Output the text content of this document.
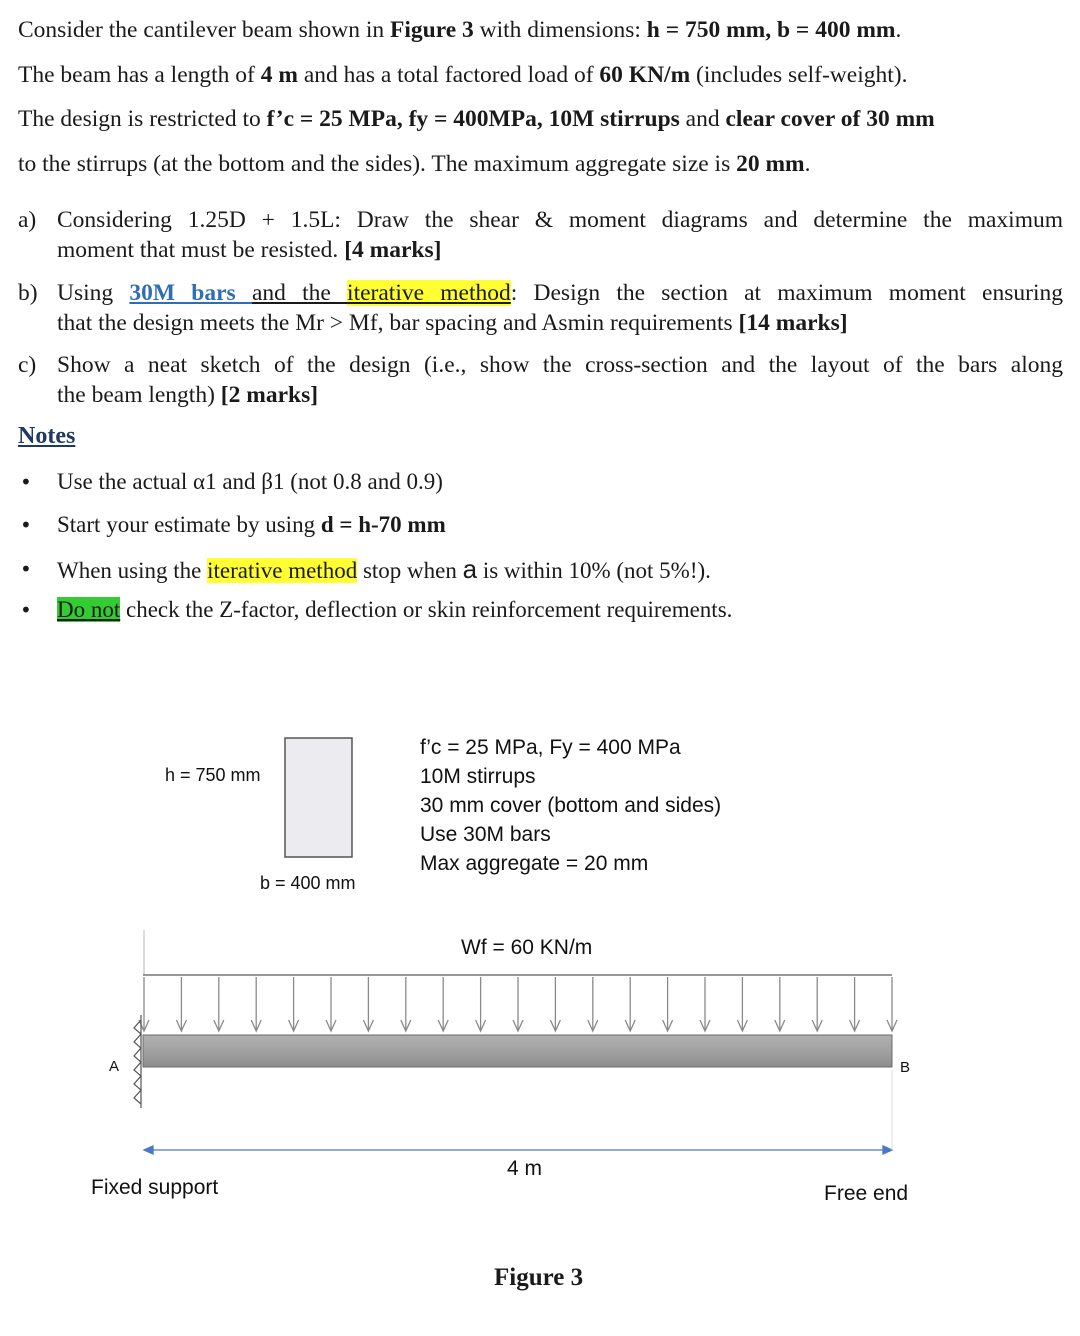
Consider the cantilever beam shown in Figure 3 with dimensions: h = 750 mm, b = 400 mm.
The beam has a length of 4 m and has a total factored load of 60 KN/m (includes self-weight).
The design is restricted to f’c = 25 MPa, fy = 400MPa, 10M stirrups and clear cover of 30 mm
to the stirrups (at the bottom and the sides). The maximum aggregate size is 20 mm.
a) Considering 1.25D + 1.5L: Draw the shear & moment diagrams and determine the maximum
moment that must be resisted. [4 marks]
b) Using 30M bars and the iterative method: Design the section at maximum moment ensuring
that the design meets the Mr > Mf, bar spacing and Asmin requirements [14 marks]
c) Show a neat sketch of the design (i.e., show the cross-section and the layout of the bars along
the beam length) [2 marks]
Notes
• Use the actual α1 and β1 (not 0.8 and 0.9)
• Start your estimate by using d = h-70 mm
• When using the iterative method stop when a is within 10% (not 5%!).
• Do not check the Z-factor, deflection or skin reinforcement requirements.
h = 750 mm
b = 400 mm
f’c = 25 MPa, Fy = 400 MPa
10M stirrups
30 mm cover (bottom and sides)
Use 30M bars
Max aggregate = 20 mm
Wf = 60 KN/m
A	B
4 m
Fixed support	Free end
Figure 3
